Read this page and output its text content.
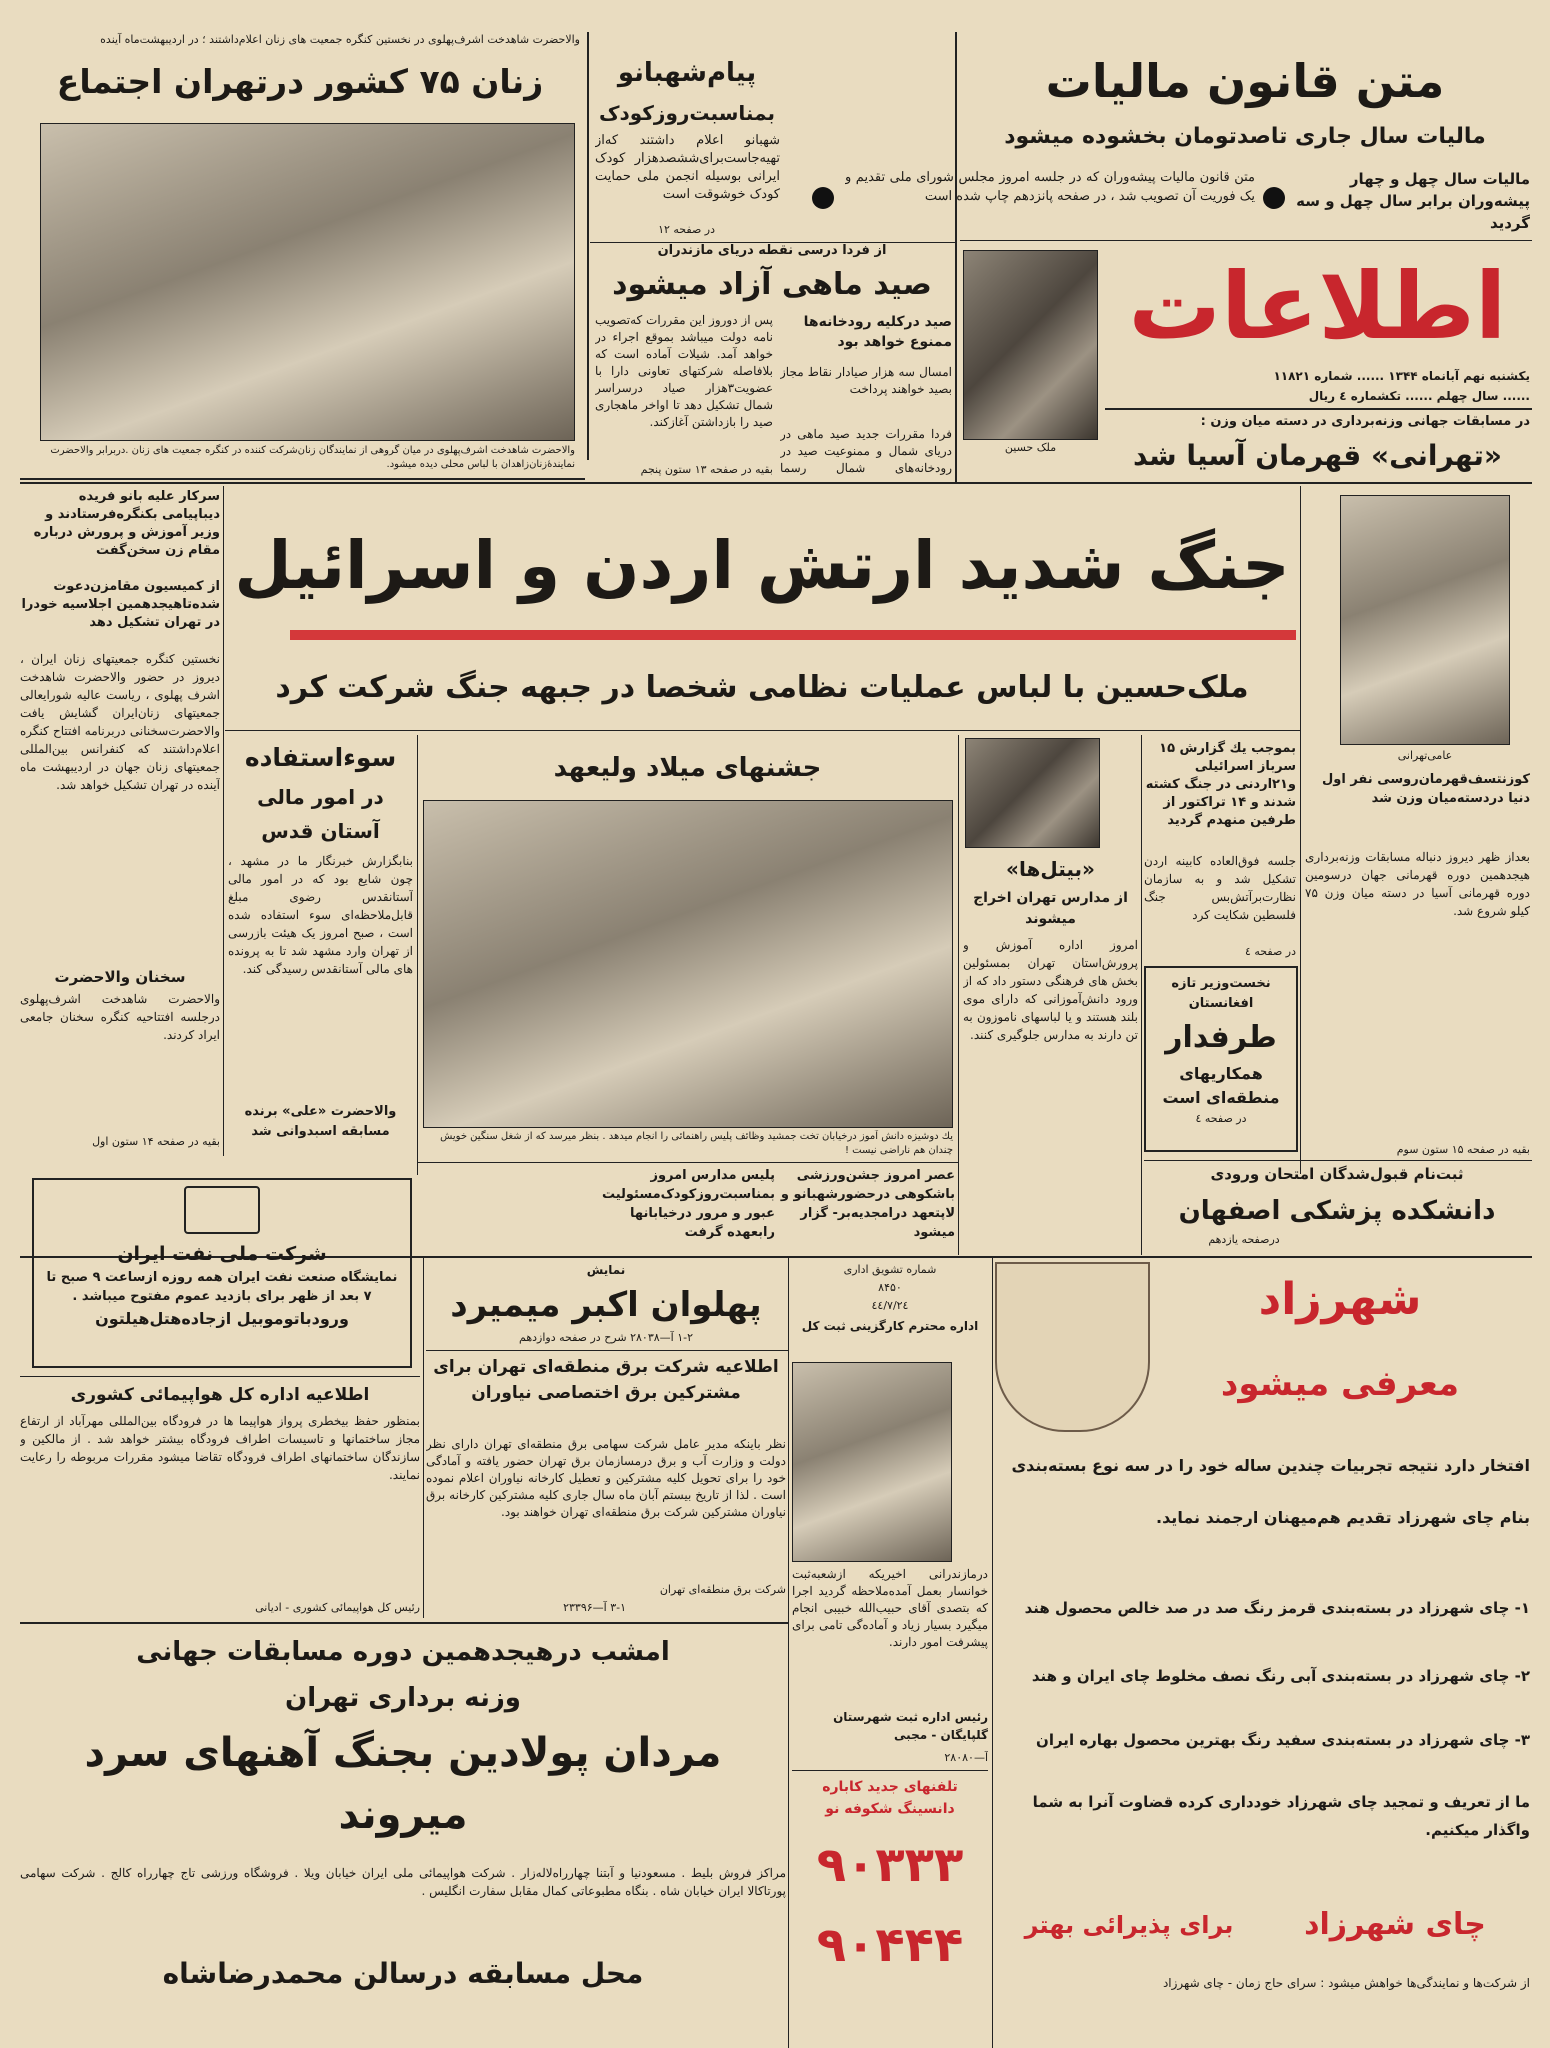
والاحضرت شاهدخت اشرف‌پهلوی در نخستین کنگره جمعیت های زنان اعلام‌داشتند ؛ در اردیبهشت‌ماه آینده
زنان ۷۵ کشور درتهران اجتماع
والاحضرت شاهدخت اشرف‌پهلوی در میان گروهی از نمایندگان زنان‌شرکت کننده در کنگره جمعیت های زنان .دربرابر والاحضرت نمایندهٔ‌زنان‌زاهدان با لباس محلی دیده میشود.
پیام‌شهبانو
بمناسبت‌روزکودک
شهبانو اعلام داشتند که‌از تهیه‌جاست‌برای‌ششصدهزار کودک ایرانی بوسیله انجمن ملی حمایت کودک خوشوقت است
در صفحه ۱۲
از فردا درسی نقطه دریای مازندران
صید ماهی آزاد میشود
صید درکلیه رودخانه‌ها ممنوع خواهد بود
امسال سه هزار صیادار نقاط مجاز بصید خواهند پرداخت
فردا مقررات جدید صید ماهی در دریای شمال و ممنوعیت صید در رودخانه‌های شمال رسما
پس از دوروز این مقررات که‌تصویب نامه دولت میباشد بموقع اجراء در خواهد آمد. شیلات آماده است که بلافاصله شرکتهای تعاونی دارا با عضویت۳هزار صیاد درسراسر شمال تشکیل دهد تا اواخر ماهجاری صید را بازداشتن آغازکند.
بقیه در صفحه ۱۳ ستون پنجم
متن قانون مالیات
مالیات سال جاری تاصدتومان بخشوده میشود
مالیات سال چهل و چهار پیشه‌وران برابر سال چهل و سه گردید
متن قانون مالیات پیشه‌وران که در جلسه امروز مجلس شورای ملی تقدیم و یک فوریت آن تصویب شد ، در صفحه پانزدهم چاپ شده است
ملک حسین
اطلاعات
یکشنبه نهم آبانماه ۱۳۴۴ ...... شماره ۱۱۸۲۱
...... سال چهلم ...... تکشماره ٤ ریال
در مسابقات جهانی وزنه‌برداری در دسته میان وزن :
«تهرانی» قهرمان آسیا شد
سرکار علیه بانو فریده دیبا‌پیامی بکنگره‌فرستادند و وزیر آموزش و پرورش درباره مقام زن سخن‌گفت
از کمیسیون مقامزن‌دعوت شده‌تاهیجدهمین اجلاسیه خودرا در تهران تشکیل دهد
نخستین کنگره جمعیتهای زنان ایران ، دیروز در حضور والاحضرت شاهدخت اشرف پهلوی ، ریاست عالیه شورایعالی جمعیتهای زنان‌ایران گشایش یافت والاحضرت‌سخنانی دربرنامه افتتاح کنگره اعلام‌داشتند که کنفرانس بین‌المللی جمعیتهای زنان جهان در اردیبهشت ماه آینده در تهران تشکیل خواهد شد.
سخنان والاحضرت
والاحضرت شاهدخت اشرف‌پهلوی درجلسه افتتاحیه کنگره سخنان جامعی ایراد کردند.
بقیه در صفحه ۱۴ ستون اول
جنگ شدید ارتش اردن و اسرائیل
ملک‌حسین با لباس عملیات نظامی شخصا در جبهه جنگ شرکت کرد
عامی‌تهرانی
کوزنتسف‌قهرمان‌روسی نفر اول دنیا دردسته‌میان وزن شد
بعداز ظهر دیروز دنباله مسابقات وزنه‌برداری هیجدهمین دوره قهرمانی جهان درسومین دوره قهرمانی آسیا در دسته میان وزن ۷۵ کیلو شروع شد.
بقیه در صفحه ۱۵ ستون سوم
سوءاستفاده
در امور مالی آستان قدس
بنابگزارش خبرنگار ما در مشهد ، چون شایع بود که در امور مالی آستانقدس رضوی مبلغ قابل‌ملاحظه‌ای سوء استفاده شده است ، صبح امروز یک هیئت بازرسی از تهران وارد مشهد شد تا به پرونده های مالی آستانقدس رسیدگی کند.
والاحضرت «علی» برنده مسابقه اسبدوانی شد
جشنهای میلاد ولیعهد
یك دوشیزه دانش آموز درخیابان تخت جمشید وظائف پلیس راهنمائی را انجام میدهد . بنظر میرسد که از شغل سنگین خویش چندان هم ناراضی نیست !
عصر امروز جشن‌ورزشی باشکوهی درحضورشهبانو و لاپتعهد درامجدیه‌بر- گزار میشود
پلیس مدارس امروز بمناسبت‌روزکودک‌مسئولیت عبور و مرور درخیابانها رابعهده گرفت
«بیتل‌ها»
از مدارس تهران اخراج میشوند
امروز اداره آموزش و پرورش‌استان تهران بمسئولین بخش های فرهنگی دستور داد که از ورود دانش‌آموزانی که دارای موی بلند هستند و یا لباسهای ناموزون به تن دارند به مدارس جلوگیری کنند.
بموجب یك گزارش ۱۵ سرباز اسرائیلی و۲۱اردنی در جنگ کشته شدند و ۱۴ تراکتور از طرفین منهدم گردید
جلسه فوق‌العاده کابینه اردن تشکیل شد و به سازمان نظارت‌برآتش‌بس جنگ فلسطین شکایت کرد
در صفحه ٤
نخست‌وزیر تازه افغانستان
طرفدار
همکاریهای منطقه‌ای است
در صفحه ٤
ثبت‌نام قبول‌شدگان امتحان ورودی
دانشکده پزشکی اصفهان
درصفحه یازدهم
شرکت ملی نفت ایران
نمایشگاه صنعت نفت ایران همه روزه ازساعت ۹ صبح تا ۷ بعد از ظهر برای بازدید عموم مفتوح میباشد .
ورودباتوموبیل ازجاده‌هتل‌هیلتون
اطلاعیه اداره کل هواپیمائی کشوری
بمنظور حفظ بیخطری پرواز هواپیما ها در فرودگاه بین‌المللی مهرآباد از ارتفاع مجاز ساختمانها و تاسیسات اطراف فرودگاه بیشتر خواهد شد . از مالکین و سازندگان ساختمانهای اطراف فرودگاه تقاضا میشود مقررات مربوطه را رعایت نمایند.
رئیس کل هواپیمائی کشوری - ادیانی
نمایش
پهلوان اکبر میمیرد
۱-۲ آ—۲۸۰۳۸ شرح در صفحه دوازدهم
اطلاعیه شرکت برق منطقه‌ای تهران برای مشترکین برق اختصاصی نیاوران
نظر باینکه مدیر عامل شرکت سهامی برق منطقه‌ای تهران دارای نظر دولت و وزارت آب و برق درمسازمان برق تهران حضور یافته و آمادگی خود را برای تحویل کلیه مشترکین و تعطیل کارخانه نیاوران اعلام نموده است . لذا از تاریخ بیستم آبان ماه سال جاری کلیه مشترکین کارخانه برق نیاوران مشترکین شرکت برق منطقه‌ای تهران خواهند بود.
شرکت برق منطقه‌ای تهران
۳-۱ آ—۲۳۳۹۶
شماره تشویق اداری
۸۴۵۰
٤٤/٧/٢٤
اداره محترم کارگزینی ثبت کل
درمازندرانی اخیریکه ازشعبه‌ثبت خوانسار بعمل آمده‌ملاحظه گردید اجرا که بتصدی آقای حبیب‌الله خبیبی انجام میگیرد بسیار زیاد و آماده‌گی تامی برای پیشرفت امور دارند.
رئیس اداره ثبت شهرستان گلپایگان - مجبی
آ—۲۸۰۸۰
تلفنهای جدید کاباره
دانسینگ شکوفه نو
۹۰۳۳۳
۹۰۴۴۴
شهرزاد
معرفی میشود
افتخار دارد نتیجه تجربیات چندین ساله خود را در سه نوع بسته‌بندی
بنام چای شهرزاد تقدیم هم‌میهنان ارجمند نماید.
۱- چای شهرزاد در بسته‌بندی قرمز رنگ صد در صد خالص محصول هند
۲- چای شهرزاد در بسته‌بندی آبی رنگ نصف مخلوط چای ایران و هند
۳- چای شهرزاد در بسته‌بندی سفید رنگ بهترین محصول بهاره ایران
ما از تعریف و تمجید چای شهرزاد خودداری کرده قضاوت آنرا به شما واگذار میکنیم.
چای شهرزاد
برای پذیرائی بهتر
از شرکت‌ها و نمایندگی‌ها خواهش میشود : سرای حاج زمان - چای شهرزاد
امشب درهیجدهمین دوره مسابقات جهانی
وزنه برداری تهران
مردان پولادین بجنگ آهنهای سرد
میروند
مراکز فروش بلیط . مسعودنیا و آبتنا چهارراه‌لاله‌زار . شرکت هواپیمائی ملی ایران خیابان ویلا . فروشگاه ورزشی تاج چهارراه کالج . شرکت سهامی پورتاکالا ایران خیابان شاه . بنگاه مطبوعاتی کمال مقابل سفارت انگلیس .
محل مسابقه درسالن محمدرضاشاه
